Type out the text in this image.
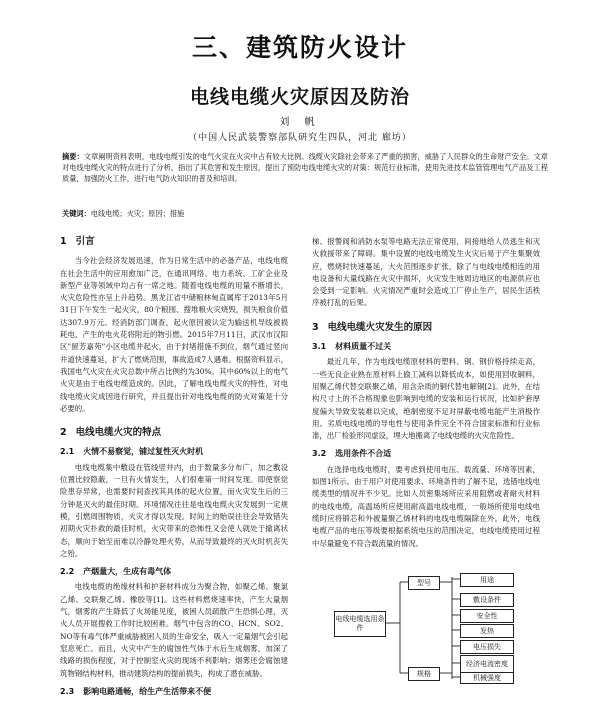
三、建筑防火设计
电线电缆火灾原因及防治
刘 帆
（中国人民武装警察部队研究生四队，河北 廊坊）
摘要：文章阐明资料表明，电线电缆引发的电气火灾在火灾中占有较大比例。线缆火灾除社会带来了严重的损害，威胁了人民群众的生命财产安全。文章对电线电缆火灾的特点进行了分析，指出了其危害和发生原因，提出了预防电线电缆火灾的对策：规范行业标准，使用先进技术监管管理电气产品及工程质量，加强防火工作，进行电气防火知识的普及和培训。
关键词：电线电缆；火灾；原因；措施
1 引言

当今社会经济发展迅速，作为日常生活中的必备产品，电线电缆在社会生活中的应用愈加广泛，在通讯网络、电力系统、工矿企业及新型产业等领域中均占有一席之地。随着电线电缆的用量不断增长，火灾危险性亦呈上升趋势。黑龙江省中储粮林甸直属库于2013年5月31日下午发生一起火灾，80个粮囤、搜堆粮火灾烧毁，损失粮食价值达307.9万元。经消防部门调查，起火原因被认定为输送机导线被损耗电，产生的电火花将附近的物引燃。2015年7月11日，武汉市汉阳区"留芳嘉苑"小区电缆井起火，由于封堵措施不到位，烟气通过竖向井道快速蔓延，扩大了燃烧范围，事故造成7人遇难。根据资料显示，我国电气火灾在火灾总数中所占比例约为30%。其中60%以上的电气火灾是由于电线电缆造成的。因此，了解电线电缆火灾的特性，对电线电缆火灾成因进行研究，并且提出针对电线电缆的防火对策是十分必要的。

2 电线电缆火灾的特点
2.1 火情不易察觉，铺过复性灭火时机

电线电缆集中敷设在管线竖井内，由于数量多分布广，加之敷设位置比较隐蔽，一旦有火情发生，人们很难第一时间发现。即使察觉险患存异常，也需要时间查找其具体的起火位置，而火灾发生后的三分钟是灭火的最佳时期。环境情况往往是电线电缆火灾发展到一定规模，引燃周围物质，火灾才得以发现。时间上的贻误往往会导致错失初期火灾扑救的最佳时机，火灾带来的恐怖性又会使人就处于撤离状态，顺向于始至而难以冷静处理火势，从而导致最终的灭火时机丧失之殆。

2.2 产烟量大，生成有毒气体

电线电缆的绝缘材料和护套材料成分为聚合物，如聚乙烯、聚氯乙烯、交联聚乙烯、橡胶等[1]。这些材料燃烧速率快，产生大量烟气，烟雾的产生降低了火场能见度，被困人员疏散产生恐惧心理，灭火人员开展搜救工作时比较困难。烟气中包含的CO、HCN、SO2、NO等有毒气体严重威胁被困人员的生命安全，吸入一定量烟气会引起窒息死亡。而且，火灾中产生的腐蚀性气体于水后生成烟雾，加深了线路的损伤程度，对于控制室火灾的现场不利影响；烟雾还会腐蚀建筑物钢结构材料，推动建筑结构的提前损失，构成了潜在威胁。

2.3 影响电路通畅，给生产生活带来不便

梯、报警阀和消防水泵等电路无法正常使用，间接地给人员逃生和灭火救援带来了障碍。集中设置的电线电缆发生火灾后易于产生集聚效应，燃烧时快速蔓延，大火范围逐步扩张，除了与电线电缆相连的用电设备和大量线路在火灾中损坏，火灾发生地周边地区的电源供应也会受到一定影响。火灾情况严重时会造成工厂停止生产，居民生活秩序被打乱的后果。

3 电线电缆火灾发生的原因
3.1 材料质量不过关

最近几年，作为电线电缆原材料的塑料、铜、钢价格持续走高，一些无良企业熟在原材料上偷工减料以降低成本，如使用回收铜料，用聚乙烯代替交联聚乙烯，用含杂质的铜代替电解铜[2]。此外，在结构尺寸上的不合格现象也影响到电缆的安装和运行状况，比如护套厚度偏大导致安装难以完成，绝制密度不足对屏蔽电缆电能产生消极作用。劣质电线电缆的导电性与使用条件完全不符合国家标准和行业标准，出厂检验形同虚设，埋大地搬离了电线电缆的火灾危险性。

3.2 选用条件不合适

在选择电线电缆时，要考虑到使用电压、载流量、环境等因素，如图1所示。由于用户对使用要求、环境条件的了解不足，选错电线电缆类型的情况并不少见。比如人员密集场所应采用阻燃或者耐火材料的电线电缆，高温场所应使用耐高温电线电缆，一般场所使用电线电缆时应将锻芯和外被量聚乙烯材料的电线电缆隔除在外。此外，电线电缆产品的电压等级要根据系统电压的范围决定，电线电缆使用过程中尽量避免不符合载流量的情况。

电线电缆选用条件
型号
规格
用途
敷设条件
安全性
发热
电压损失
经济电流密度
机械强度
